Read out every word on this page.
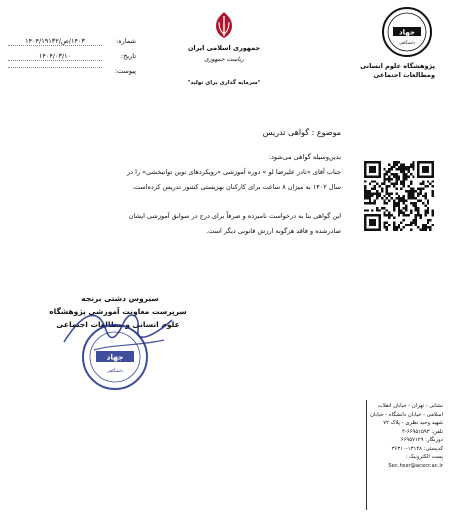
جهاد
دانشگاهی
پژوهشگاه علوم انسانی
ومطالعات اجتماعی
جمهوری اسلامی ایران
ریاست جمهوری
"سرمایه گذاری برای تولید"
شماره:
۱۴۰۳/ص/۱۴۰۴/۱۹۱۳۲
تاریخ:
۱۴۰۴/۰۳/۱۰
پیوست:
موضوع : گواهی تدریس
بدین‌وسیله گواهی می‌شود:
جناب آقای «نادر علیرضا لو » دوره آموزشی «رویکردهای نوین توانبخشی» را در
سال ۱۴۰۲ به میزان ۸ ساعت برای کارکنان بهزیستی کشور تدریس کرده‌است.
این گواهی بنا به درخواست نامبرده و صرفاً برای درج در سوابق آموزشی ایشان
صادرشده و فاقد هرگونه ارزش قانونی دیگر است.
سیروس دشتی برنجه
سرپرست معاونت آموزشی پژوهشگاه
علوم انسانی و مطالعات اجتماعی
جهاد
دانشگاهی
نشانی : تهران - خیابان انقلاب
اسلامی - خیابان دانشگاه - خیابان
شهید وحید نظری - پلاک ۷۲
تلفن: ۶۶۹۵۱۵۹۳-۴
دورنگار: ۶۶۹۵۷۱۲۹
کدپستی: ۱۳۱۴۸-۳۶۳۱۰
پست الکترونیک :
Sec.hssr@acecr.ac.ir
